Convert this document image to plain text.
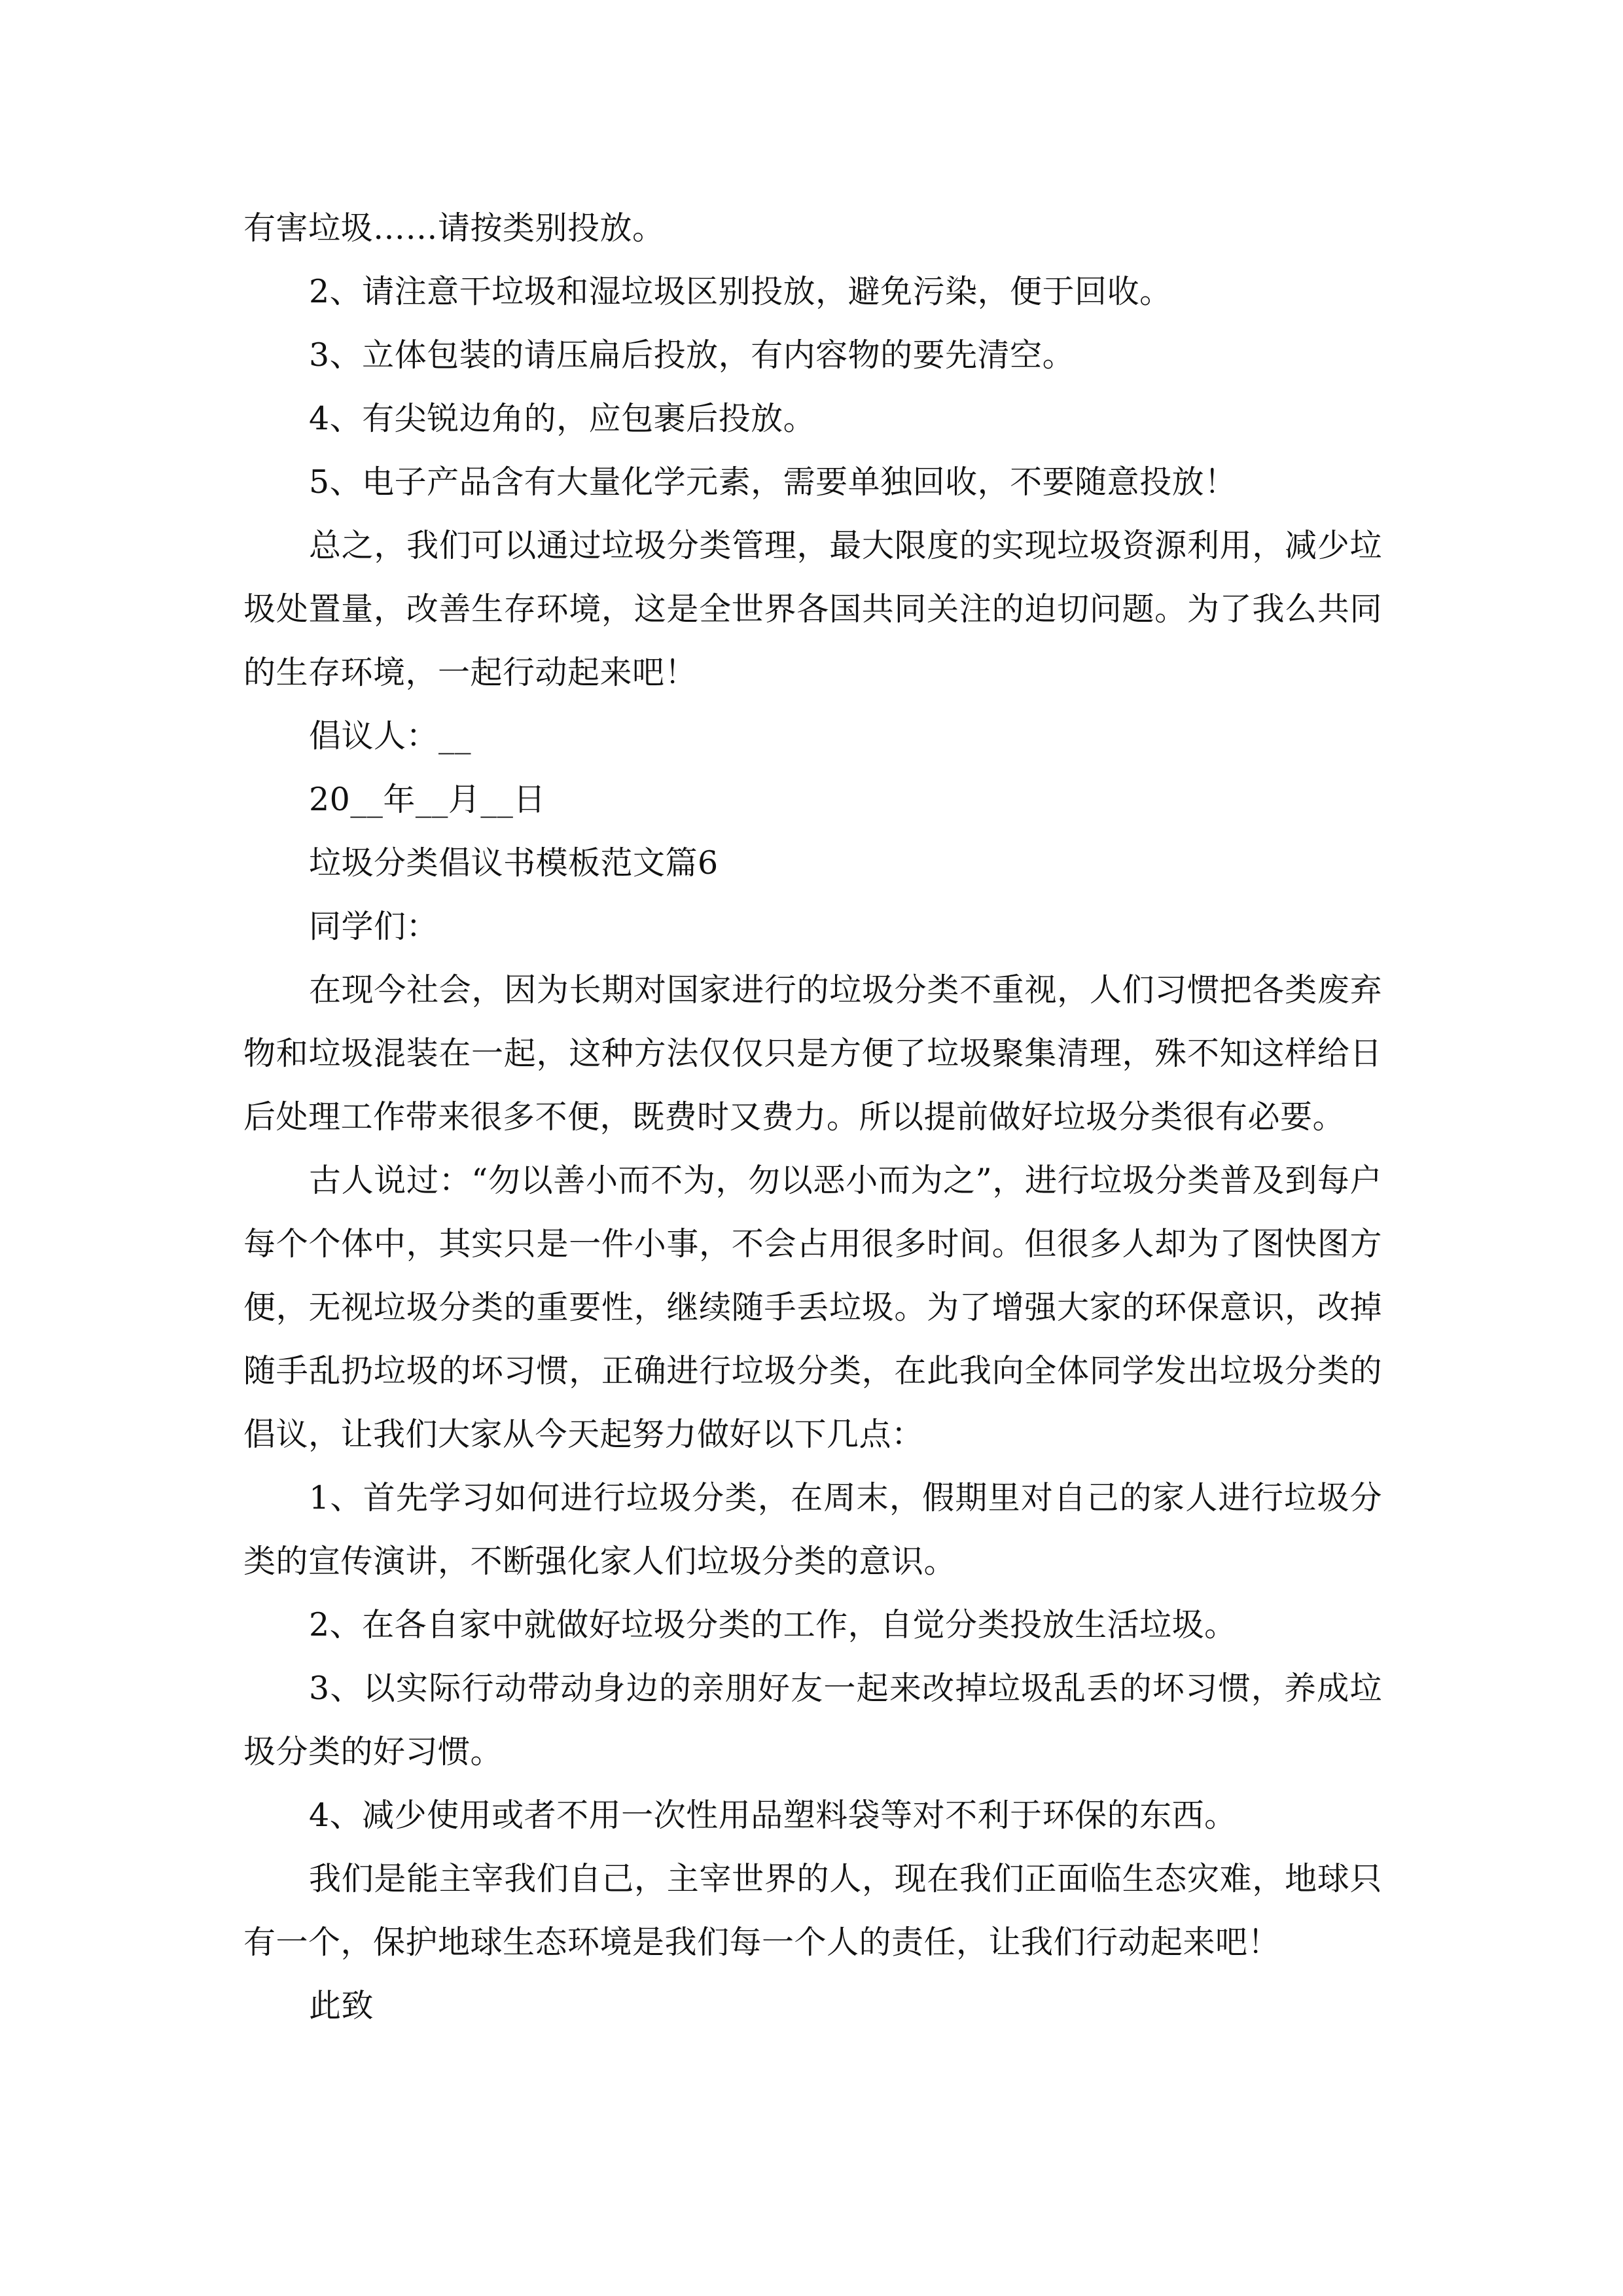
有害垃圾……请按类别投放。

2、请注意干垃圾和湿垃圾区别投放，避免污染，便于回收。

3、立体包装的请压扁后投放，有内容物的要先清空。

4、有尖锐边角的，应包裹后投放。

5、电子产品含有大量化学元素，需要单独回收，不要随意投放！

总之，我们可以通过垃圾分类管理，最大限度的实现垃圾资源利用，减少垃圾处置量，改善生存环境，这是全世界各国共同关注的迫切问题。为了我么共同的生存环境，一起行动起来吧！

倡议人：__

20__年__月__日

垃圾分类倡议书模板范文篇6

同学们：

在现今社会，因为长期对国家进行的垃圾分类不重视，人们习惯把各类废弃物和垃圾混装在一起，这种方法仅仅只是方便了垃圾聚集清理，殊不知这样给日后处理工作带来很多不便，既费时又费力。所以提前做好垃圾分类很有必要。

古人说过：“勿以善小而不为，勿以恶小而为之”，进行垃圾分类普及到每户每个个体中，其实只是一件小事，不会占用很多时间。但很多人却为了图快图方便，无视垃圾分类的重要性，继续随手丢垃圾。为了增强大家的环保意识，改掉随手乱扔垃圾的坏习惯，正确进行垃圾分类，在此我向全体同学发出垃圾分类的倡议，让我们大家从今天起努力做好以下几点：

1、首先学习如何进行垃圾分类，在周末，假期里对自己的家人进行垃圾分类的宣传演讲，不断强化家人们垃圾分类的意识。

2、在各自家中就做好垃圾分类的工作，自觉分类投放生活垃圾。

3、以实际行动带动身边的亲朋好友一起来改掉垃圾乱丢的坏习惯，养成垃圾分类的好习惯。

4、减少使用或者不用一次性用品塑料袋等对不利于环保的东西。

我们是能主宰我们自己，主宰世界的人，现在我们正面临生态灾难，地球只有一个，保护地球生态环境是我们每一个人的责任，让我们行动起来吧！

此致
